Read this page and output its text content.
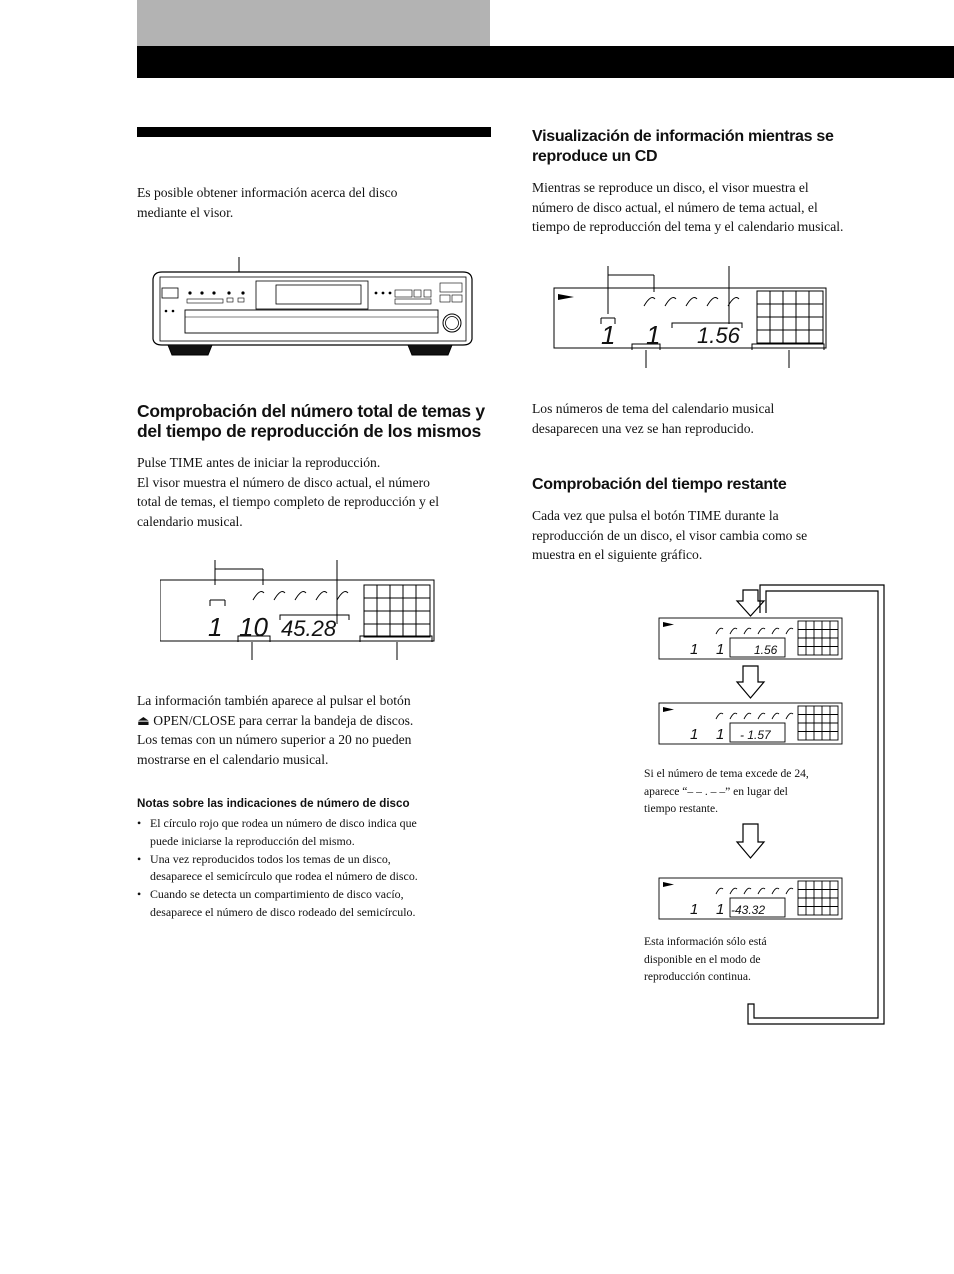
Es posible obtener información acerca del disco
mediante el visor.
Comprobación del número total de temas y
del tiempo de reproducción de los mismos
Pulse TIME antes de iniciar la reproducción.
El visor muestra el número de disco actual, el número
total de temas, el tiempo completo de reproducción y el
calendario musical.
1 10 45.28
La información también aparece al pulsar el botón
⏏ OPEN/CLOSE para cerrar la bandeja de discos.
Los temas con un número superior a 20 no pueden
mostrarse en el calendario musical.
Notas sobre las indicaciones de número de disco
• El círculo rojo que rodea un número de disco indica que
puede iniciarse la reproducción del mismo.
• Una vez reproducidos todos los temas de un disco,
desaparece el semicírculo que rodea el número de disco.
• Cuando se detecta un compartimiento de disco vacío,
desaparece el número de disco rodeado del semicírculo.
Visualización de información mientras se
reproduce un CD
Mientras se reproduce un disco, el visor muestra el
número de disco actual, el número de tema actual, el
tiempo de reproducción del tema y el calendario musical.
1 1 1.56
Los números de tema del calendario musical
desaparecen una vez se han reproducido.
Comprobación del tiempo restante
Cada vez que pulsa el botón TIME durante la
reproducción de un disco, el visor cambia como se
muestra en el siguiente gráfico.
1 1 1.56
1 1 - 1.57
Si el número de tema excede de 24,
aparece “– – . – –” en lugar del
tiempo restante.
1 1 -43.32
Esta información sólo está
disponible en el modo de
reproducción continua.
